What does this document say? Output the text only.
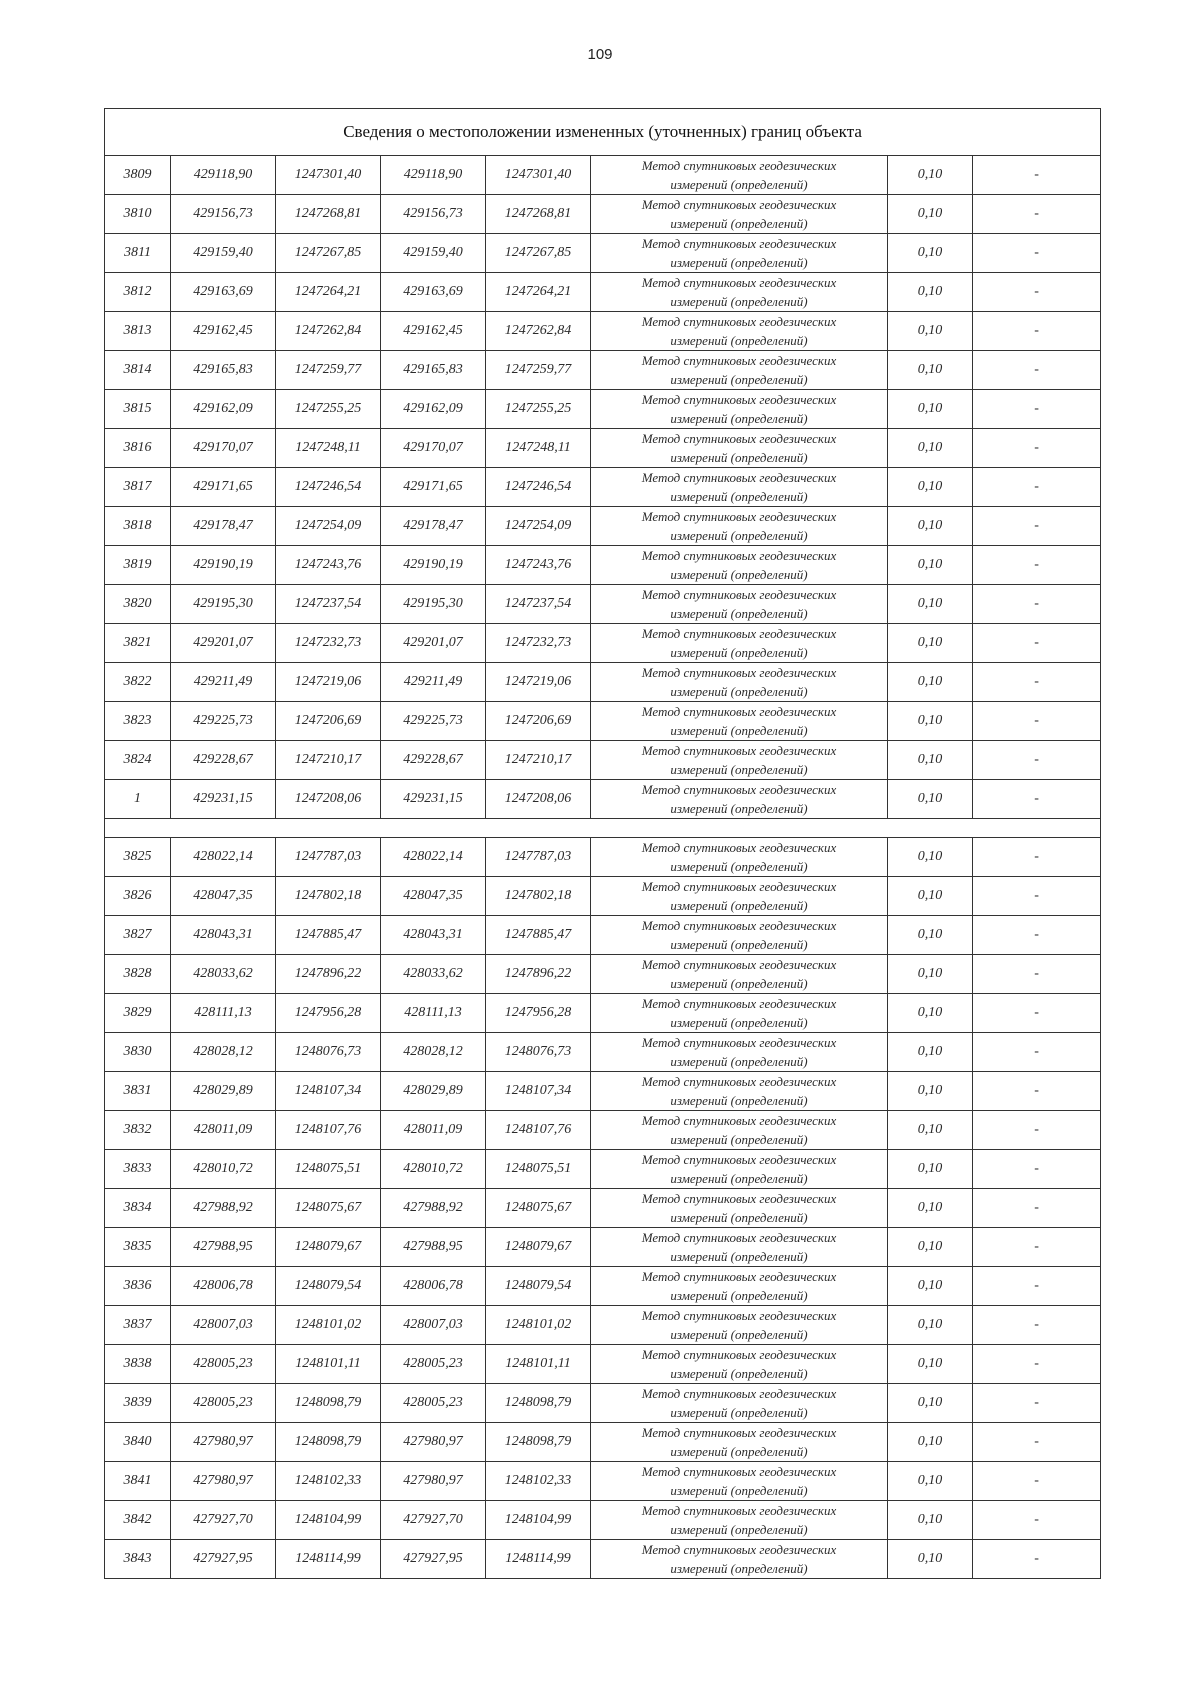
109
Сведения о местоположении измененных (уточненных) границ объекта							
3809	429118,90	1247301,40	429118,90	1247301,40	Метод спутниковых геодезических
измерений (определений)	0,10	-
3810	429156,73	1247268,81	429156,73	1247268,81	Метод спутниковых геодезических
измерений (определений)	0,10	-
3811	429159,40	1247267,85	429159,40	1247267,85	Метод спутниковых геодезических
измерений (определений)	0,10	-
3812	429163,69	1247264,21	429163,69	1247264,21	Метод спутниковых геодезических
измерений (определений)	0,10	-
3813	429162,45	1247262,84	429162,45	1247262,84	Метод спутниковых геодезических
измерений (определений)	0,10	-
3814	429165,83	1247259,77	429165,83	1247259,77	Метод спутниковых геодезических
измерений (определений)	0,10	-
3815	429162,09	1247255,25	429162,09	1247255,25	Метод спутниковых геодезических
измерений (определений)	0,10	-
3816	429170,07	1247248,11	429170,07	1247248,11	Метод спутниковых геодезических
измерений (определений)	0,10	-
3817	429171,65	1247246,54	429171,65	1247246,54	Метод спутниковых геодезических
измерений (определений)	0,10	-
3818	429178,47	1247254,09	429178,47	1247254,09	Метод спутниковых геодезических
измерений (определений)	0,10	-
3819	429190,19	1247243,76	429190,19	1247243,76	Метод спутниковых геодезических
измерений (определений)	0,10	-
3820	429195,30	1247237,54	429195,30	1247237,54	Метод спутниковых геодезических
измерений (определений)	0,10	-
3821	429201,07	1247232,73	429201,07	1247232,73	Метод спутниковых геодезических
измерений (определений)	0,10	-
3822	429211,49	1247219,06	429211,49	1247219,06	Метод спутниковых геодезических
измерений (определений)	0,10	-
3823	429225,73	1247206,69	429225,73	1247206,69	Метод спутниковых геодезических
измерений (определений)	0,10	-
3824	429228,67	1247210,17	429228,67	1247210,17	Метод спутниковых геодезических
измерений (определений)	0,10	-
1	429231,15	1247208,06	429231,15	1247208,06	Метод спутниковых геодезических
измерений (определений)	0,10	-

3825	428022,14	1247787,03	428022,14	1247787,03	Метод спутниковых геодезических
измерений (определений)	0,10	-
3826	428047,35	1247802,18	428047,35	1247802,18	Метод спутниковых геодезических
измерений (определений)	0,10	-
3827	428043,31	1247885,47	428043,31	1247885,47	Метод спутниковых геодезических
измерений (определений)	0,10	-
3828	428033,62	1247896,22	428033,62	1247896,22	Метод спутниковых геодезических
измерений (определений)	0,10	-
3829	428111,13	1247956,28	428111,13	1247956,28	Метод спутниковых геодезических
измерений (определений)	0,10	-
3830	428028,12	1248076,73	428028,12	1248076,73	Метод спутниковых геодезических
измерений (определений)	0,10	-
3831	428029,89	1248107,34	428029,89	1248107,34	Метод спутниковых геодезических
измерений (определений)	0,10	-
3832	428011,09	1248107,76	428011,09	1248107,76	Метод спутниковых геодезических
измерений (определений)	0,10	-
3833	428010,72	1248075,51	428010,72	1248075,51	Метод спутниковых геодезических
измерений (определений)	0,10	-
3834	427988,92	1248075,67	427988,92	1248075,67	Метод спутниковых геодезических
измерений (определений)	0,10	-
3835	427988,95	1248079,67	427988,95	1248079,67	Метод спутниковых геодезических
измерений (определений)	0,10	-
3836	428006,78	1248079,54	428006,78	1248079,54	Метод спутниковых геодезических
измерений (определений)	0,10	-
3837	428007,03	1248101,02	428007,03	1248101,02	Метод спутниковых геодезических
измерений (определений)	0,10	-
3838	428005,23	1248101,11	428005,23	1248101,11	Метод спутниковых геодезических
измерений (определений)	0,10	-
3839	428005,23	1248098,79	428005,23	1248098,79	Метод спутниковых геодезических
измерений (определений)	0,10	-
3840	427980,97	1248098,79	427980,97	1248098,79	Метод спутниковых геодезических
измерений (определений)	0,10	-
3841	427980,97	1248102,33	427980,97	1248102,33	Метод спутниковых геодезических
измерений (определений)	0,10	-
3842	427927,70	1248104,99	427927,70	1248104,99	Метод спутниковых геодезических
измерений (определений)	0,10	-
3843	427927,95	1248114,99	427927,95	1248114,99	Метод спутниковых геодезических
измерений (определений)	0,10	-
